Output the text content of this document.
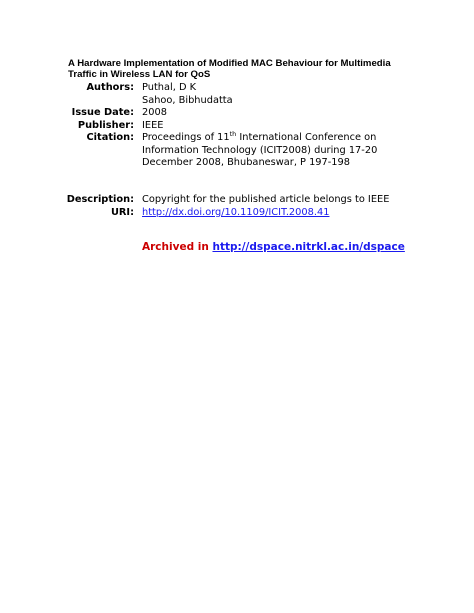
A Hardware Implementation of Modified MAC Behaviour for Multimedia
Traffic in Wireless LAN for QoS
Authors: Puthal, D K
Sahoo, Bibhudatta
Issue Date: 2008
Publisher: IEEE
Citation: Proceedings of 11th International Conference on
Information Technology (ICIT2008) during 17-20
December 2008, Bhubaneswar, P 197-198
Description: Copyright for the published article belongs to IEEE
URI: http://dx.doi.org/10.1109/ICIT.2008.41
Archived in http://dspace.nitrkl.ac.in/dspace
